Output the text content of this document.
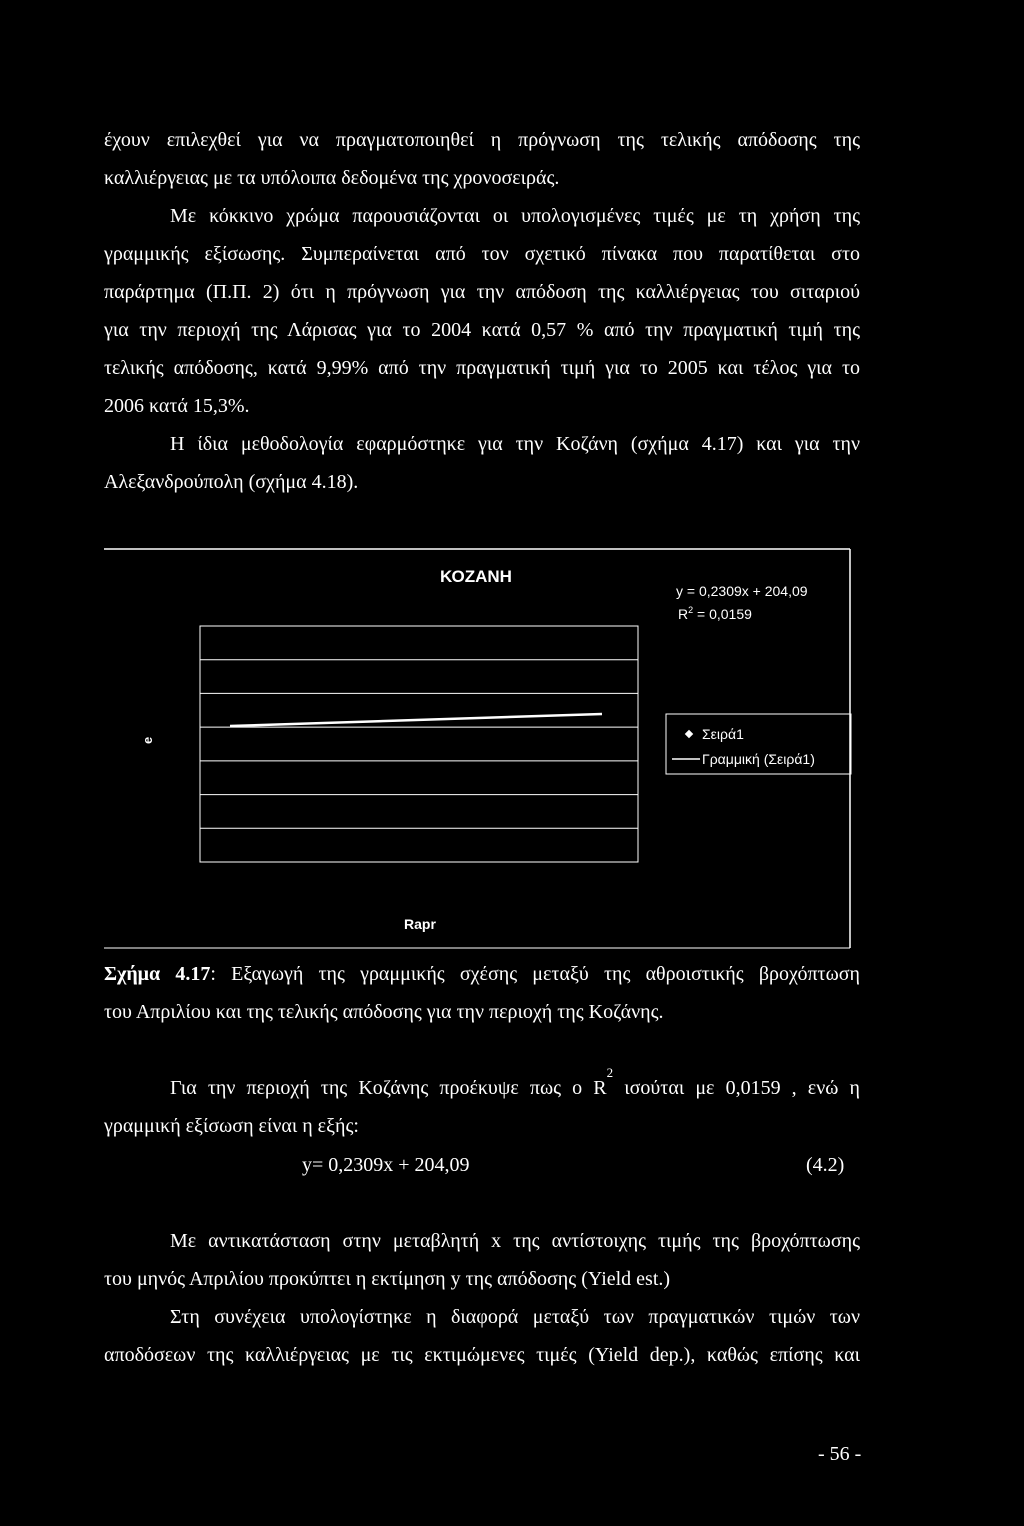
έχουν επιλεχθεί για να πραγματοποιηθεί η πρόγνωση της τελικής απόδοσης της
καλλιέργειας με τα υπόλοιπα δεδομένα της χρονοσειράς.
Με κόκκινο χρώμα παρουσιάζονται οι υπολογισμένες τιμές με τη χρήση της
γραμμικής εξίσωσης. Συμπεραίνεται από τον σχετικό πίνακα που παρατίθεται στο
παράρτημα (Π.Π. 2) ότι η πρόγνωση για την απόδοση της καλλιέργειας του σιταριού
για την περιοχή της Λάρισας για το 2004 κατά 0,57 % από την πραγματική τιμή της
τελικής απόδοσης, κατά 9,99% από την πραγματική τιμή για το 2005 και τέλος για το
2006 κατά 15,3%.
Η ίδια μεθοδολογία εφαρμόστηκε για την Κοζάνη (σχήμα 4.17) και για την
Αλεξανδρούπολη (σχήμα 4.18).
ΚΟΖΑΝΗ
y = 0,2309x + 204,09
$R^2 = 0,0159$
e
Rapr
Σειρά1
Γραμμική (Σειρά1)
Σχήμα 4.17: Εξαγωγή της γραμμικής σχέσης μεταξύ της αθροιστικής βροχόπτωση
του Απριλίου και της τελικής απόδοσης για την περιοχή της Κοζάνης.
Για την περιοχή της Κοζάνης προέκυψε πως ο $R^2$ ισούται με 0,0159 , ενώ η
γραμμική εξίσωση είναι η εξής:
y= 0,2309x + 204,09	(4.2)
Με αντικατάσταση στην μεταβλητή x της αντίστοιχης τιμής της βροχόπτωσης
του μηνός Απριλίου προκύπτει η εκτίμηση y της απόδοσης (Yield est.)
Στη συνέχεια υπολογίστηκε η διαφορά μεταξύ των πραγματικών τιμών των
αποδόσεων της καλλιέργειας με τις εκτιμώμενες τιμές (Yield dep.), καθώς επίσης και
- 56 -
